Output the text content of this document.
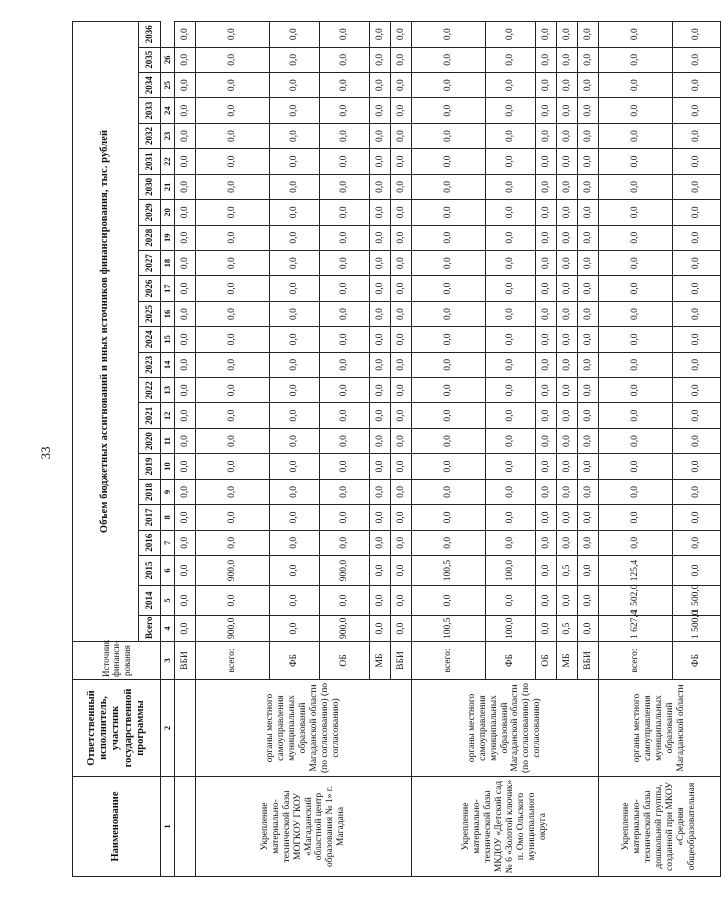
33
Наименование	Ответственный исполнитель, участник государственной программы	Источник финанси-рования	Объем бюджетных ассигнований и иных источников финансирования, тыс. рублей																							
			Всего	2014	2015	2016	2017	2018	2019	2020	2021	2022	2023	2024	2025	2026	2027	2028	2029	2030	2031	2032	2033	2034	2035	2036
1	2	3	4	5	6	7	8	9	10	11	12	13	14	15	16	17	18	19	20	21	22	23	24	25	26	
		ВБИ	0,0	0,0	0,0	0,0	0,0	0,0	0,0	0,0	0,0	0,0	0,0	0,0	0,0	0,0	0,0	0,0	0,0	0,0	0,0	0,0	0,0	0,0	0,0	0,0
Укрепление материально-технической базы МОГКОУ ГКОУ «Магаданский областной центр образования № 1» г. Магадана	органы местного самоуправления муниципальных образований Магаданской области (по согласованию) (по согласованию)	всего:	900,0	0,0	900,0	0,0	0,0	0,0	0,0	0,0	0,0	0,0	0,0	0,0	0,0	0,0	0,0	0,0	0,0	0,0	0,0	0,0	0,0	0,0	0,0	0,0
		ФБ	0,0	0,0	0,0	0,0	0,0	0,0	0,0	0,0	0,0	0,0	0,0	0,0	0,0	0,0	0,0	0,0	0,0	0,0	0,0	0,0	0,0	0,0	0,0	0,0
		ОБ	900,0	0,0	900,0	0,0	0,0	0,0	0,0	0,0	0,0	0,0	0,0	0,0	0,0	0,0	0,0	0,0	0,0	0,0	0,0	0,0	0,0	0,0	0,0	0,0
		МБ	0,0	0,0	0,0	0,0	0,0	0,0	0,0	0,0	0,0	0,0	0,0	0,0	0,0	0,0	0,0	0,0	0,0	0,0	0,0	0,0	0,0	0,0	0,0	0,0
		ВБИ	0,0	0,0	0,0	0,0	0,0	0,0	0,0	0,0	0,0	0,0	0,0	0,0	0,0	0,0	0,0	0,0	0,0	0,0	0,0	0,0	0,0	0,0	0,0	0,0
Укрепление материально-технической базы МКДОУ «Детский сад № 6 «Золотой ключик» п. Омо Ольского муниципального округа	органы местного самоуправления муниципальных образований Магаданской области (по согласованию) (по согласованию)	всего:	100,5	0,0	100,5	0,0	0,0	0,0	0,0	0,0	0,0	0,0	0,0	0,0	0,0	0,0	0,0	0,0	0,0	0,0	0,0	0,0	0,0	0,0	0,0	0,0
		ФБ	100,0	0,0	100,0	0,0	0,0	0,0	0,0	0,0	0,0	0,0	0,0	0,0	0,0	0,0	0,0	0,0	0,0	0,0	0,0	0,0	0,0	0,0	0,0	0,0
		ОБ	0,0	0,0	0,0	0,0	0,0	0,0	0,0	0,0	0,0	0,0	0,0	0,0	0,0	0,0	0,0	0,0	0,0	0,0	0,0	0,0	0,0	0,0	0,0	0,0
		МБ	0,5	0,0	0,5	0,0	0,0	0,0	0,0	0,0	0,0	0,0	0,0	0,0	0,0	0,0	0,0	0,0	0,0	0,0	0,0	0,0	0,0	0,0	0,0	0,0
		ВБИ	0,0	0,0	0,0	0,0	0,0	0,0	0,0	0,0	0,0	0,0	0,0	0,0	0,0	0,0	0,0	0,0	0,0	0,0	0,0	0,0	0,0	0,0	0,0	0,0
Укрепление материально-технической базы дошкольной группы, созданной при МКОУ «Средняя общеобразовательная	органы местного самоуправления муниципальных образований Магаданской области	всего:	1 627,4	1 502,0	125,4	0,0	0,0	0,0	0,0	0,0	0,0	0,0	0,0	0,0	0,0	0,0	0,0	0,0	0,0	0,0	0,0	0,0	0,0	0,0	0,0	0,0
		ФБ	1 500,0	1 500,0	0,0	0,0	0,0	0,0	0,0	0,0	0,0	0,0	0,0	0,0	0,0	0,0	0,0	0,0	0,0	0,0	0,0	0,0	0,0	0,0	0,0	0,0
